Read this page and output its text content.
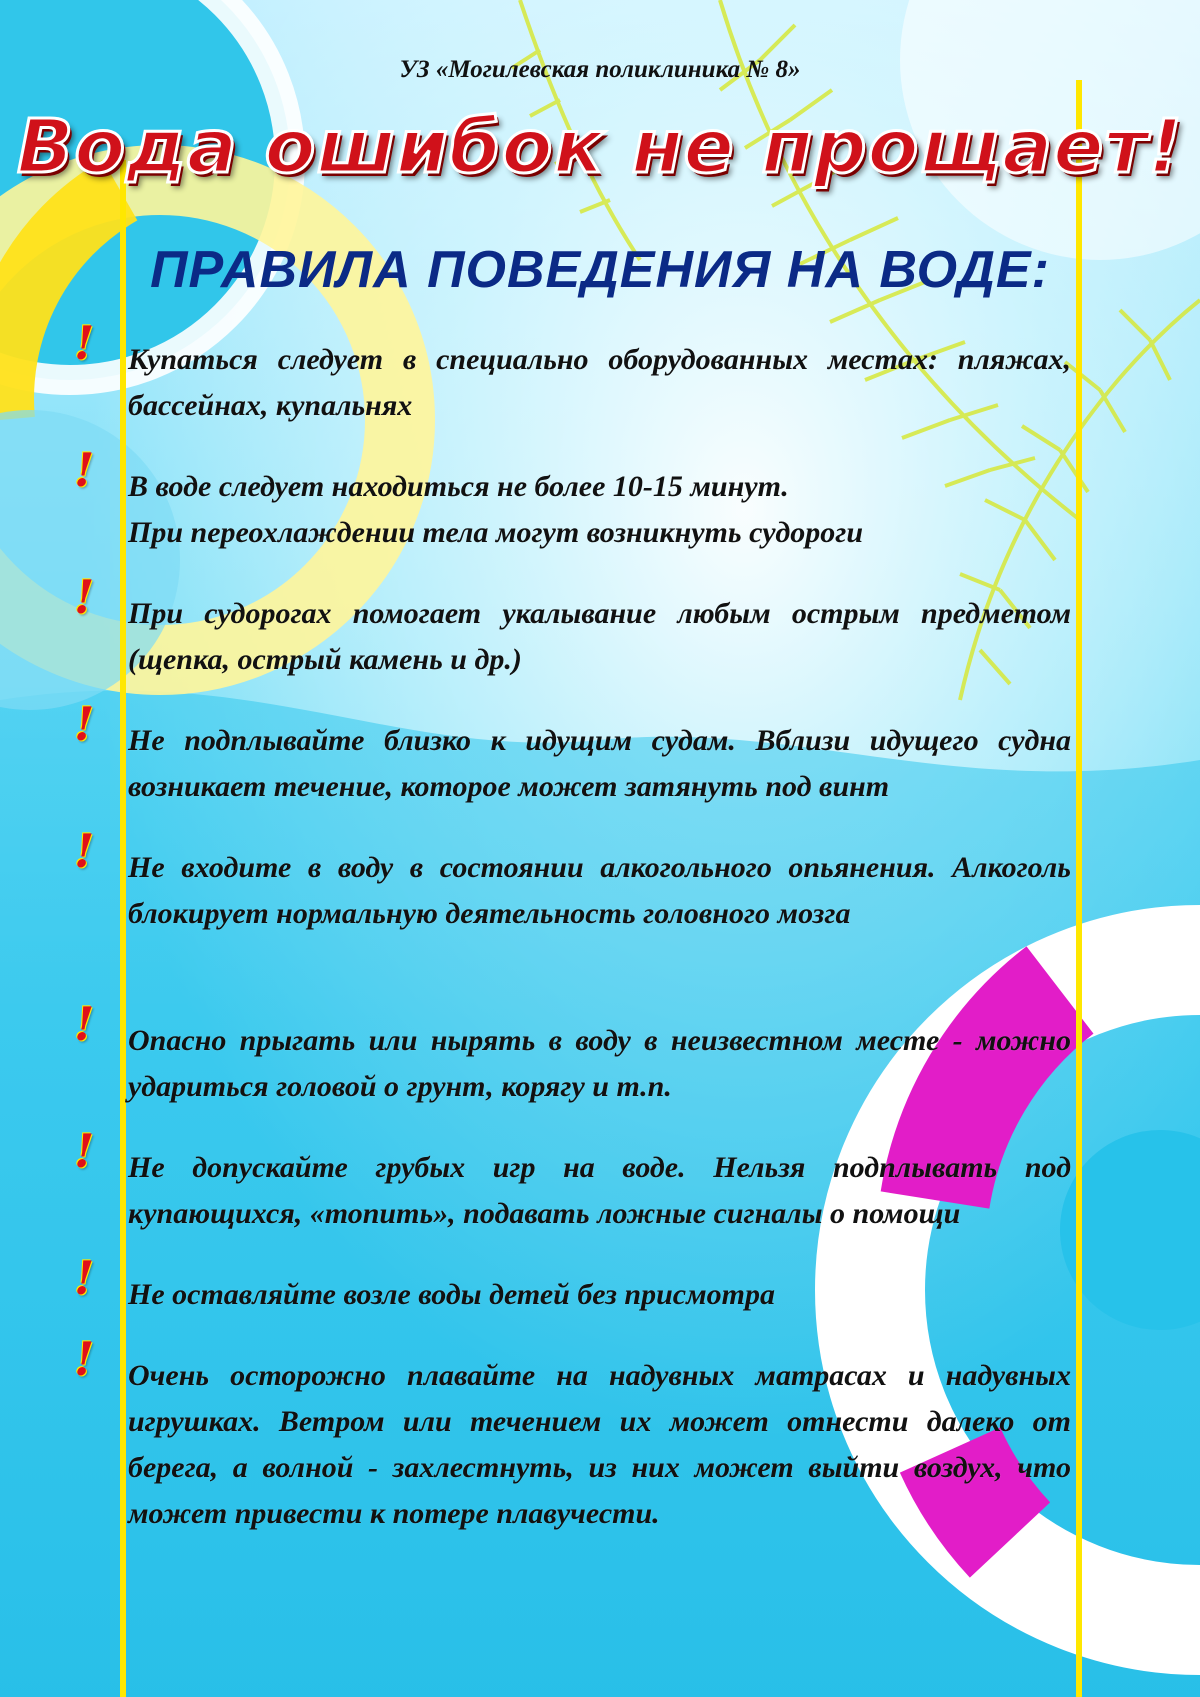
УЗ «Могилевская поликлиника № 8»
Вода ошибок не прощает!
ПРАВИЛА ПОВЕДЕНИЯ НА ВОДЕ:
! Купаться следует в специально оборудованных местах: пляжах, бассейнах, купальнях
! В воде следует находиться не более 10-15 минут.
При переохлаждении тела могут возникнуть судороги
! При судорогах помогает укалывание любым острым предметом (щепка, острый камень и др.)
! Не подплывайте близко к идущим судам. Вблизи идущего судна возникает течение, которое может затянуть под винт
! Не входите в воду в состоянии алкогольного опьянения. Алкоголь блокирует нормальную деятельность головного мозга
! Опасно прыгать или нырять в воду в неизвестном месте - можно удариться головой о грунт, корягу и т.п.
! Не допускайте грубых игр на воде. Нельзя подплывать под купающихся, «топить», подавать ложные сигналы о помощи
! Не оставляйте возле воды детей без присмотра
! Очень осторожно плавайте на надувных матрасах и надувных игрушках. Ветром или течением их может отнести далеко от берега, а волной - захлестнуть, из них может выйти воздух, что может привести к потере плавучести.
